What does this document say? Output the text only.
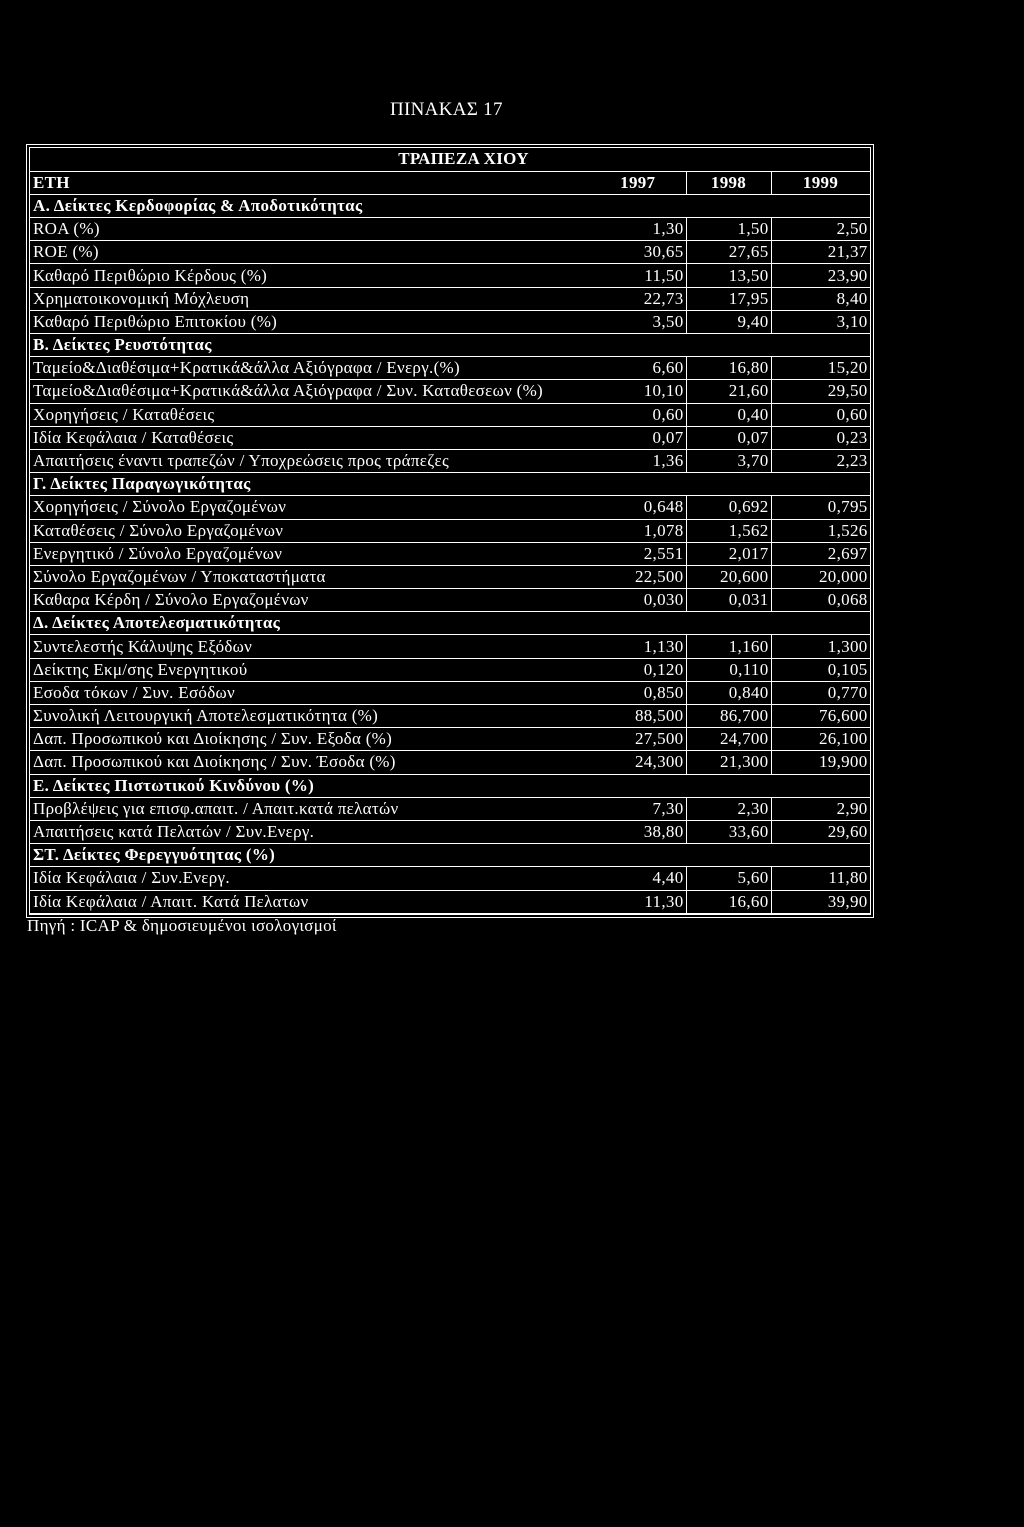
ΠΙΝΑΚΑΣ 17
ΤΡΑΠΕΖΑ ΧΙΟΥ			
ΕΤΗ	1997	1998	1999
Α. Δείκτες Κερδοφορίας & Αποδοτικότητας			
ROA (%)	1,30	1,50	2,50
ROE (%)	30,65	27,65	21,37
Καθαρό Περιθώριο Κέρδους (%)	11,50	13,50	23,90
Χρηματοικονομική Μόχλευση	22,73	17,95	8,40
Καθαρό Περιθώριο Επιτοκίου (%)	3,50	9,40	3,10
Β. Δείκτες Ρευστότητας			
Ταμείο&Διαθέσιμα+Κρατικά&άλλα Αξιόγραφα / Ενεργ.(%)	6,60	16,80	15,20
Ταμείο&Διαθέσιμα+Κρατικά&άλλα Αξιόγραφα / Συν. Καταθεσεων (%)	10,10	21,60	29,50
Χορηγήσεις / Καταθέσεις	0,60	0,40	0,60
Ιδία Κεφάλαια / Καταθέσεις	0,07	0,07	0,23
Απαιτήσεις έναντι τραπεζών / Υποχρεώσεις προς τράπεζες	1,36	3,70	2,23
Γ. Δείκτες Παραγωγικότητας			
Χορηγήσεις / Σύνολο Εργαζομένων	0,648	0,692	0,795
Καταθέσεις / Σύνολο Εργαζομένων	1,078	1,562	1,526
Ενεργητικό / Σύνολο Εργαζομένων	2,551	2,017	2,697
Σύνολο Εργαζομένων / Υποκαταστήματα	22,500	20,600	20,000
Καθαρα Κέρδη / Σύνολο Εργαζομένων	0,030	0,031	0,068
Δ. Δείκτες Αποτελεσματικότητας			
Συντελεστής Κάλυψης Εξόδων	1,130	1,160	1,300
Δείκτης Εκμ/σης Ενεργητικού	0,120	0,110	0,105
Εσοδα τόκων / Συν. Εσόδων	0,850	0,840	0,770
Συνολική Λειτουργική Αποτελεσματικότητα (%)	88,500	86,700	76,600
Δαπ. Προσωπικού και Διοίκησης / Συν. Εξοδα (%)	27,500	24,700	26,100
Δαπ. Προσωπικού και Διοίκησης / Συν. Έσοδα (%)	24,300	21,300	19,900
Ε. Δείκτες Πιστωτικού Κινδύνου (%)			
Προβλέψεις για επισφ.απαιτ. / Απαιτ.κατά πελατών	7,30	2,30	2,90
Απαιτήσεις κατά Πελατών / Συν.Ενεργ.	38,80	33,60	29,60
ΣΤ. Δείκτες Φερεγγυότητας (%)			
Ιδία Κεφάλαια / Συν.Ενεργ.	4,40	5,60	11,80
Ιδία Κεφάλαια / Απαιτ. Κατά Πελατων	11,30	16,60	39,90
Πηγή : ICAP & δημοσιευμένοι ισολογισμοί
